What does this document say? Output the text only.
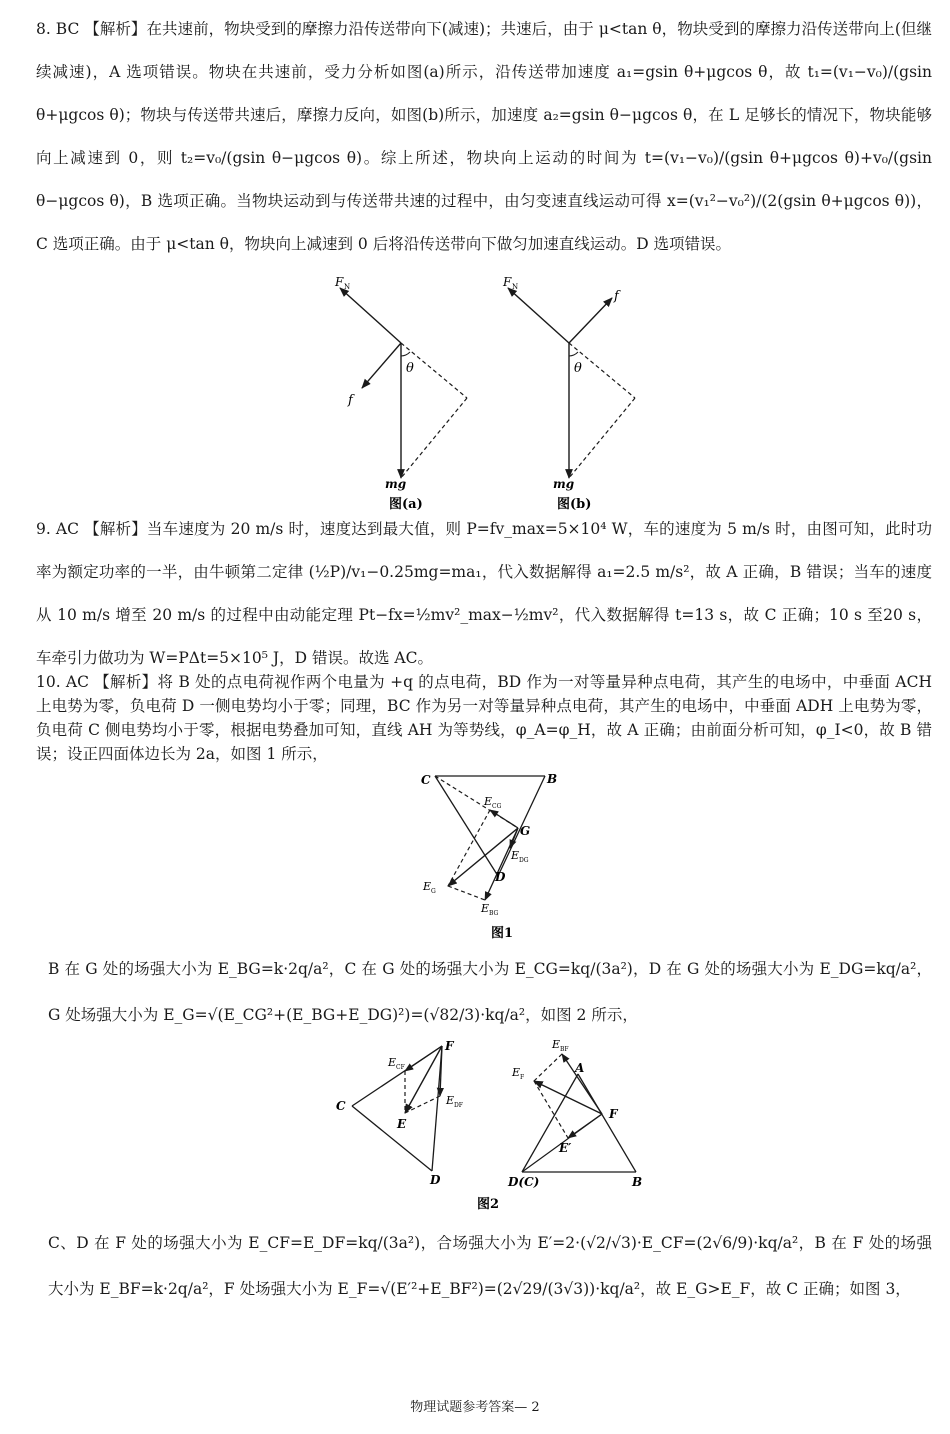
8. BC 【解析】在共速前，物块受到的摩擦力沿传送带向下(减速)；共速后，由于 μ<tan θ，物块受到的摩擦力沿传送带向上(但继续减速)，A 选项错误。物块在共速前，受力分析如图(a)所示，沿传送带加速度 a₁=gsin θ+μgcos θ，故 t₁=(v₁−v₀)/(gsin θ+μgcos θ)；物块与传送带共速后，摩擦力反向，如图(b)所示，加速度 a₂=gsin θ−μgcos θ，在 L 足够长的情况下，物块能够向上减速到 0，则 t₂=v₀/(gsin θ−μgcos θ)。综上所述，物块向上运动的时间为 t=(v₁−v₀)/(gsin θ+μgcos θ)+v₀/(gsin θ−μgcos θ)，B 选项正确。当物块运动到与传送带共速的过程中，由匀变速直线运动可得 x=(v₁²−v₀²)/(2(gsin θ+μgcos θ))，C 选项正确。由于 μ<tan θ，物块向上减速到 0 后将沿传送带向下做匀加速直线运动。D 选项错误。
F N
f
θ
mg
图(a)
F N
f
θ
mg
图(b)
9. AC 【解析】当车速度为 20 m/s 时，速度达到最大值，则 P=fv_max=5×10⁴ W，车的速度为 5 m/s 时，由图可知，此时功率为额定功率的一半，由牛顿第二定律 (½P)/v₁−0.25mg=ma₁，代入数据解得 a₁=2.5 m/s²，故 A 正确，B 错误；当车的速度从 10 m/s 增至 20 m/s 的过程中由动能定理 Pt−fx=½mv²_max−½mv²，代入数据解得 t=13 s，故 C 正确；10 s 至20 s，车牵引力做功为 W=PΔt=5×10⁵ J，D 错误。故选 AC。
10. AC 【解析】将 B 处的点电荷视作两个电量为 +q 的点电荷，BD 作为一对等量异种点电荷，其产生的电场中，中垂面 ACH 上电势为零，负电荷 D 一侧电势均小于零；同理，BC 作为另一对等量异种点电荷，其产生的电场中，中垂面 ADH 上电势为零，负电荷 C 侧电势均小于零，根据电势叠加可知，直线 AH 为等势线，φ_A=φ_H，故 A 正确；由前面分析可知，φ_I<0，故 B 错误；设正四面体边长为 2a，如图 1 所示，
C	B
G
D
E CG
E DG
E G
E BG
图1
B 在 G 处的场强大小为 E_BG=k·2q/a²，C 在 G 处的场强大小为 E_CG=kq/(3a²)，D 在 G 处的场强大小为 E_DG=kq/a²，G 处场强大小为 E_G=√(E_CG²+(E_BG+E_DG)²)=(√82/3)·kq/a²，如图 2 所示，
F
C
E
D
E CF
E DF
E BF
E F
A
F
E′
D(C)	B
图2
C、D 在 F 处的场强大小为 E_CF=E_DF=kq/(3a²)，合场强大小为 E′=2·(√2/√3)·E_CF=(2√6/9)·kq/a²，B 在 F 处的场强大小为 E_BF=k·2q/a²，F 处场强大小为 E_F=√(E′²+E_BF²)=(2√29/(3√3))·kq/a²，故 E_G>E_F，故 C 正确；如图 3，
物理试题参考答案— 2
